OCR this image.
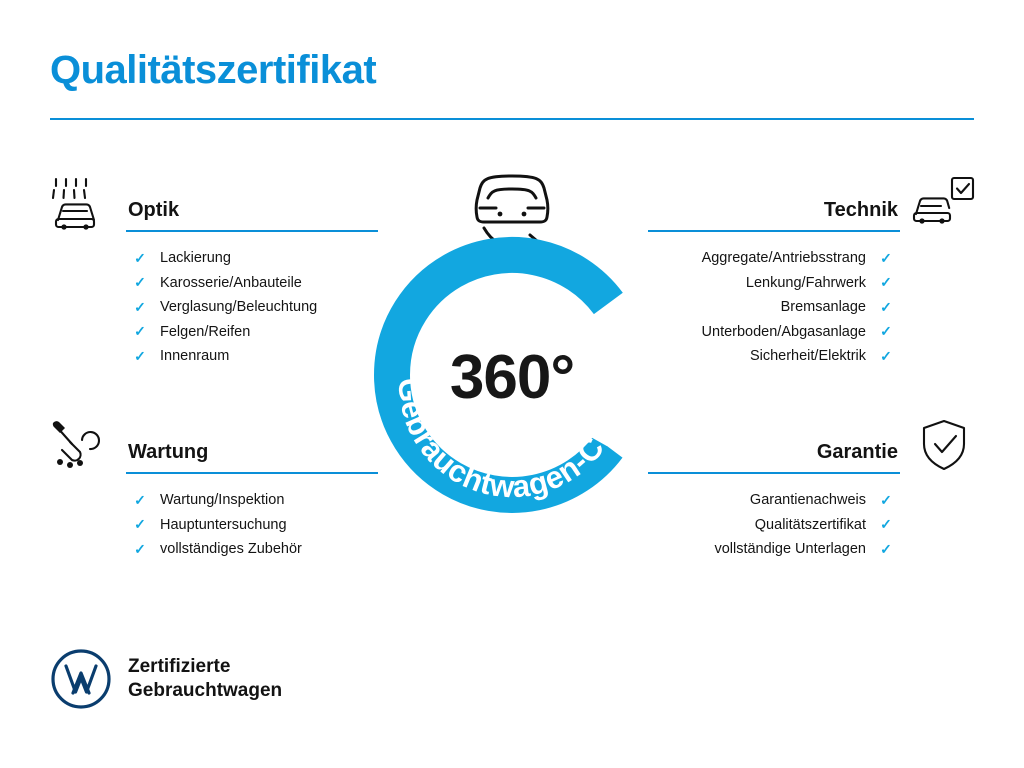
Qualitätszertifikat
Optik
✓ Lackierung
✓ Karosserie/Anbauteile
✓ Verglasung/Beleuchtung
✓ Felgen/Reifen
✓ Innenraum
Technik
✓
Aggregate/Antriebsstrang
✓
Lenkung/Fahrwerk
✓
Bremsanlage
✓
Unterboden/Abgasanlage
✓
Sicherheit/Elektrik
Wartung
✓ Wartung/Inspektion
✓ Hauptuntersuchung
✓ vollständiges Zubehör
Garantie
✓
Garantienachweis
✓
Qualitätszertifikat
✓
vollständige Unterlagen
Gebrauchtwagen-Check
360°
Zertifizierte
Gebrauchtwagen
